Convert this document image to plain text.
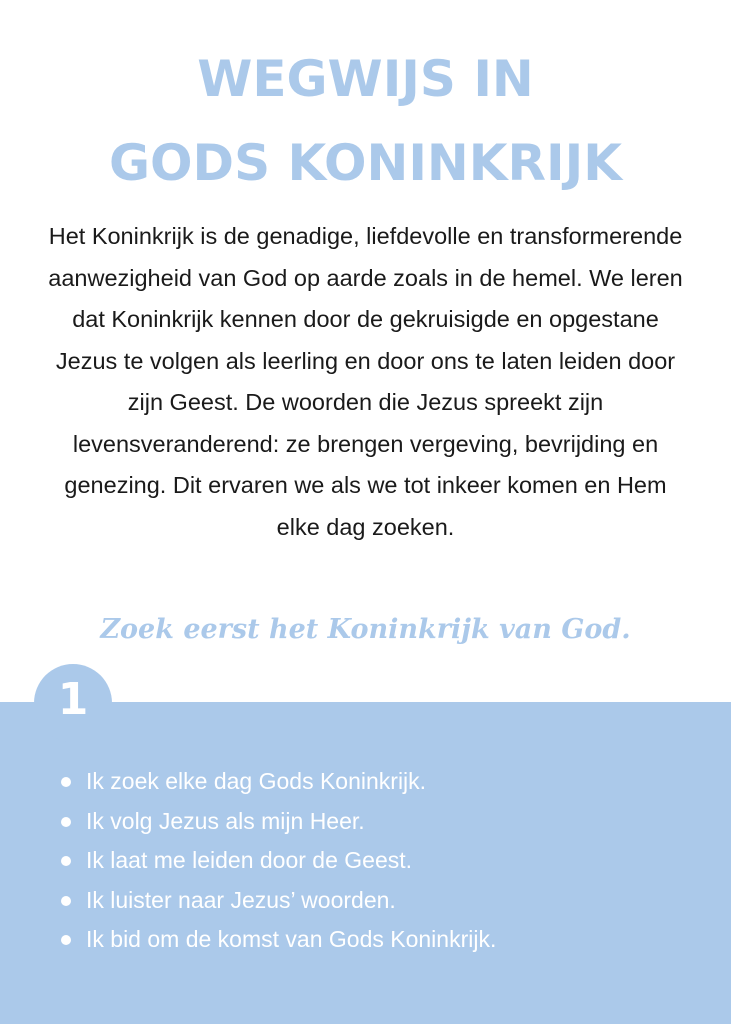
WEGWIJS IN
GODS KONINKRIJK

Het Koninkrijk is de genadige, liefdevolle en transformerende aanwezigheid van God op aarde zoals in de hemel. We leren dat Koninkrijk kennen door de gekruisigde en opgestane Jezus te volgen als leerling en door ons te laten leiden door zijn Geest. De woorden die Jezus spreekt zijn levensveranderend: ze brengen vergeving, bevrijding en genezing. Dit ervaren we als we tot inkeer komen en Hem elke dag zoeken.

Zoek eerst het Koninkrijk van God.

1
Ik zoek elke dag Gods Koninkrijk.
Ik volg Jezus als mijn Heer.
Ik laat me leiden door de Geest.
Ik luister naar Jezus’ woorden.
Ik bid om de komst van Gods Koninkrijk.
